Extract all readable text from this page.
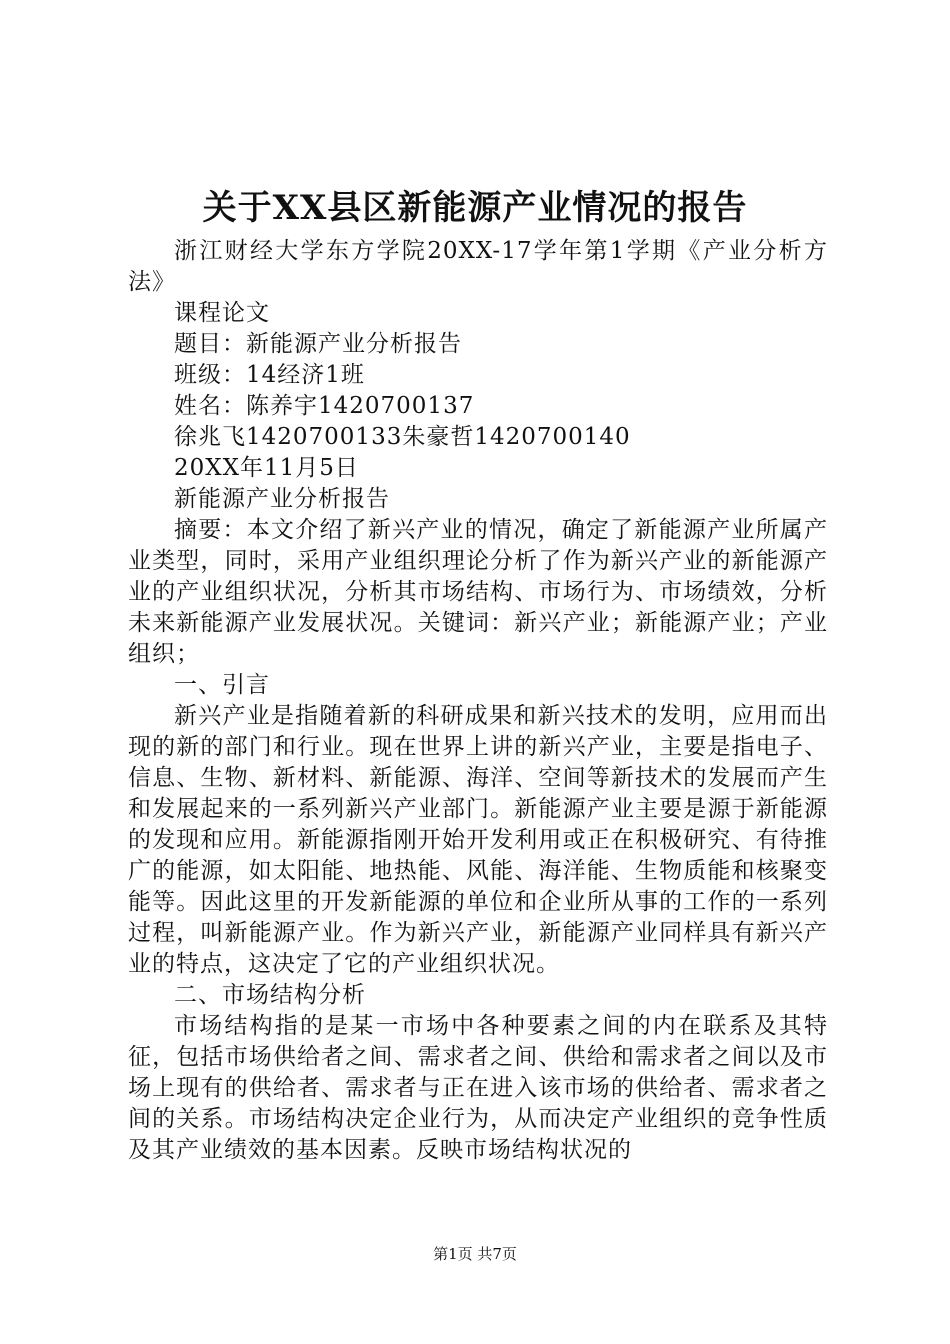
关于XX县区新能源产业情况的报告

浙江财经大学东方学院20XX-17学年第1学期《产业分析方法》

课程论文

题目：新能源产业分析报告

班级：14经济1班

姓名：陈养宇1420700137

徐兆飞1420700133朱豪哲1420700140

20XX年11月5日

新能源产业分析报告

摘要：本文介绍了新兴产业的情况，确定了新能源产业所属产业类型，同时，采用产业组织理论分析了作为新兴产业的新能源产业的产业组织状况，分析其市场结构、市场行为、市场绩效，分析未来新能源产业发展状况。关键词：新兴产业；新能源产业；产业组织；

一、引言

新兴产业是指随着新的科研成果和新兴技术的发明，应用而出现的新的部门和行业。现在世界上讲的新兴产业，主要是指电子、信息、生物、新材料、新能源、海洋、空间等新技术的发展而产生和发展起来的一系列新兴产业部门。新能源产业主要是源于新能源的发现和应用。新能源指刚开始开发利用或正在积极研究、有待推广的能源，如太阳能、地热能、风能、海洋能、生物质能和核聚变能等。因此这里的开发新能源的单位和企业所从事的工作的一系列过程，叫新能源产业。作为新兴产业，新能源产业同样具有新兴产业的特点，这决定了它的产业组织状况。

二、市场结构分析

市场结构指的是某一市场中各种要素之间的内在联系及其特征，包括市场供给者之间、需求者之间、供给和需求者之间以及市场上现有的供给者、需求者与正在进入该市场的供给者、需求者之间的关系。市场结构决定企业行为，从而决定产业组织的竞争性质及其产业绩效的基本因素。反映市场结构状况的

第1页 共7页
